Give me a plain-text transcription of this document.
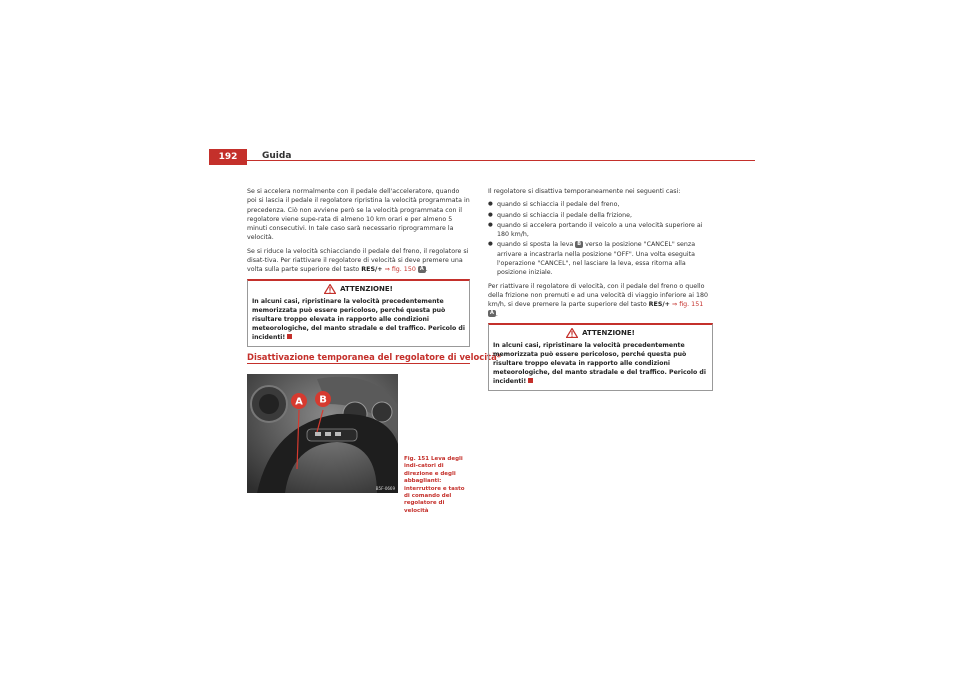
192	Guida

Se si accelera normalmente con il pedale dell'acceleratore, quando poi si lascia il pedale il regolatore ripristina la velocità programmata in precedenza. Ciò non avviene però se la velocità programmata con il regolatore viene supe-rata di almeno 10 km orari e per almeno 5 minuti consecutivi. In tale caso sarà necessario riprogrammare la velocità.

Se si riduce la velocità schiacciando il pedale del freno, il regolatore si disat-tiva. Per riattivare il regolatore di velocità si deve premere una volta sulla parte superiore del tasto RES/+ ⇒ fig. 150 A .

ATTENZIONE!
In alcuni casi, ripristinare la velocità precedentemente memorizzata può essere pericoloso, perché questa può risultare troppo elevata in rapporto alle condizioni meteorologiche, del manto stradale e del traffico. Pericolo di incidenti!
Disattivazione temporanea del regolatore di velocità*
A B
B5F-0669
Fig. 151 Leva degli indi-catori di direzione e degli abbaglianti: interruttore e tasto di comando del regolatore di velocità

Il regolatore si disattiva temporaneamente nei seguenti casi:

● quando si schiaccia il pedale del freno,
● quando si schiaccia il pedale della frizione,
● quando si accelera portando il veicolo a una velocità superiore ai 180 km/h,
● quando si sposta la leva B verso la posizione "CANCEL" senza arrivare a incastrarla nella posizione "OFF". Una volta eseguita l'operazione "CANCEL", nel lasciare la leva, essa ritorna alla posizione iniziale.

Per riattivare il regolatore di velocità, con il pedale del freno o quello della frizione non premuti e ad una velocità di viaggio inferiore ai 180 km/h, si deve premere la parte superiore del tasto RES/+ ⇒ fig. 151 A .

ATTENZIONE!
In alcuni casi, ripristinare la velocità precedentemente memorizzata può essere pericoloso, perché questa può risultare troppo elevata in rapporto alle condizioni meteorologiche, del manto stradale e del traffico. Pericolo di incidenti!
